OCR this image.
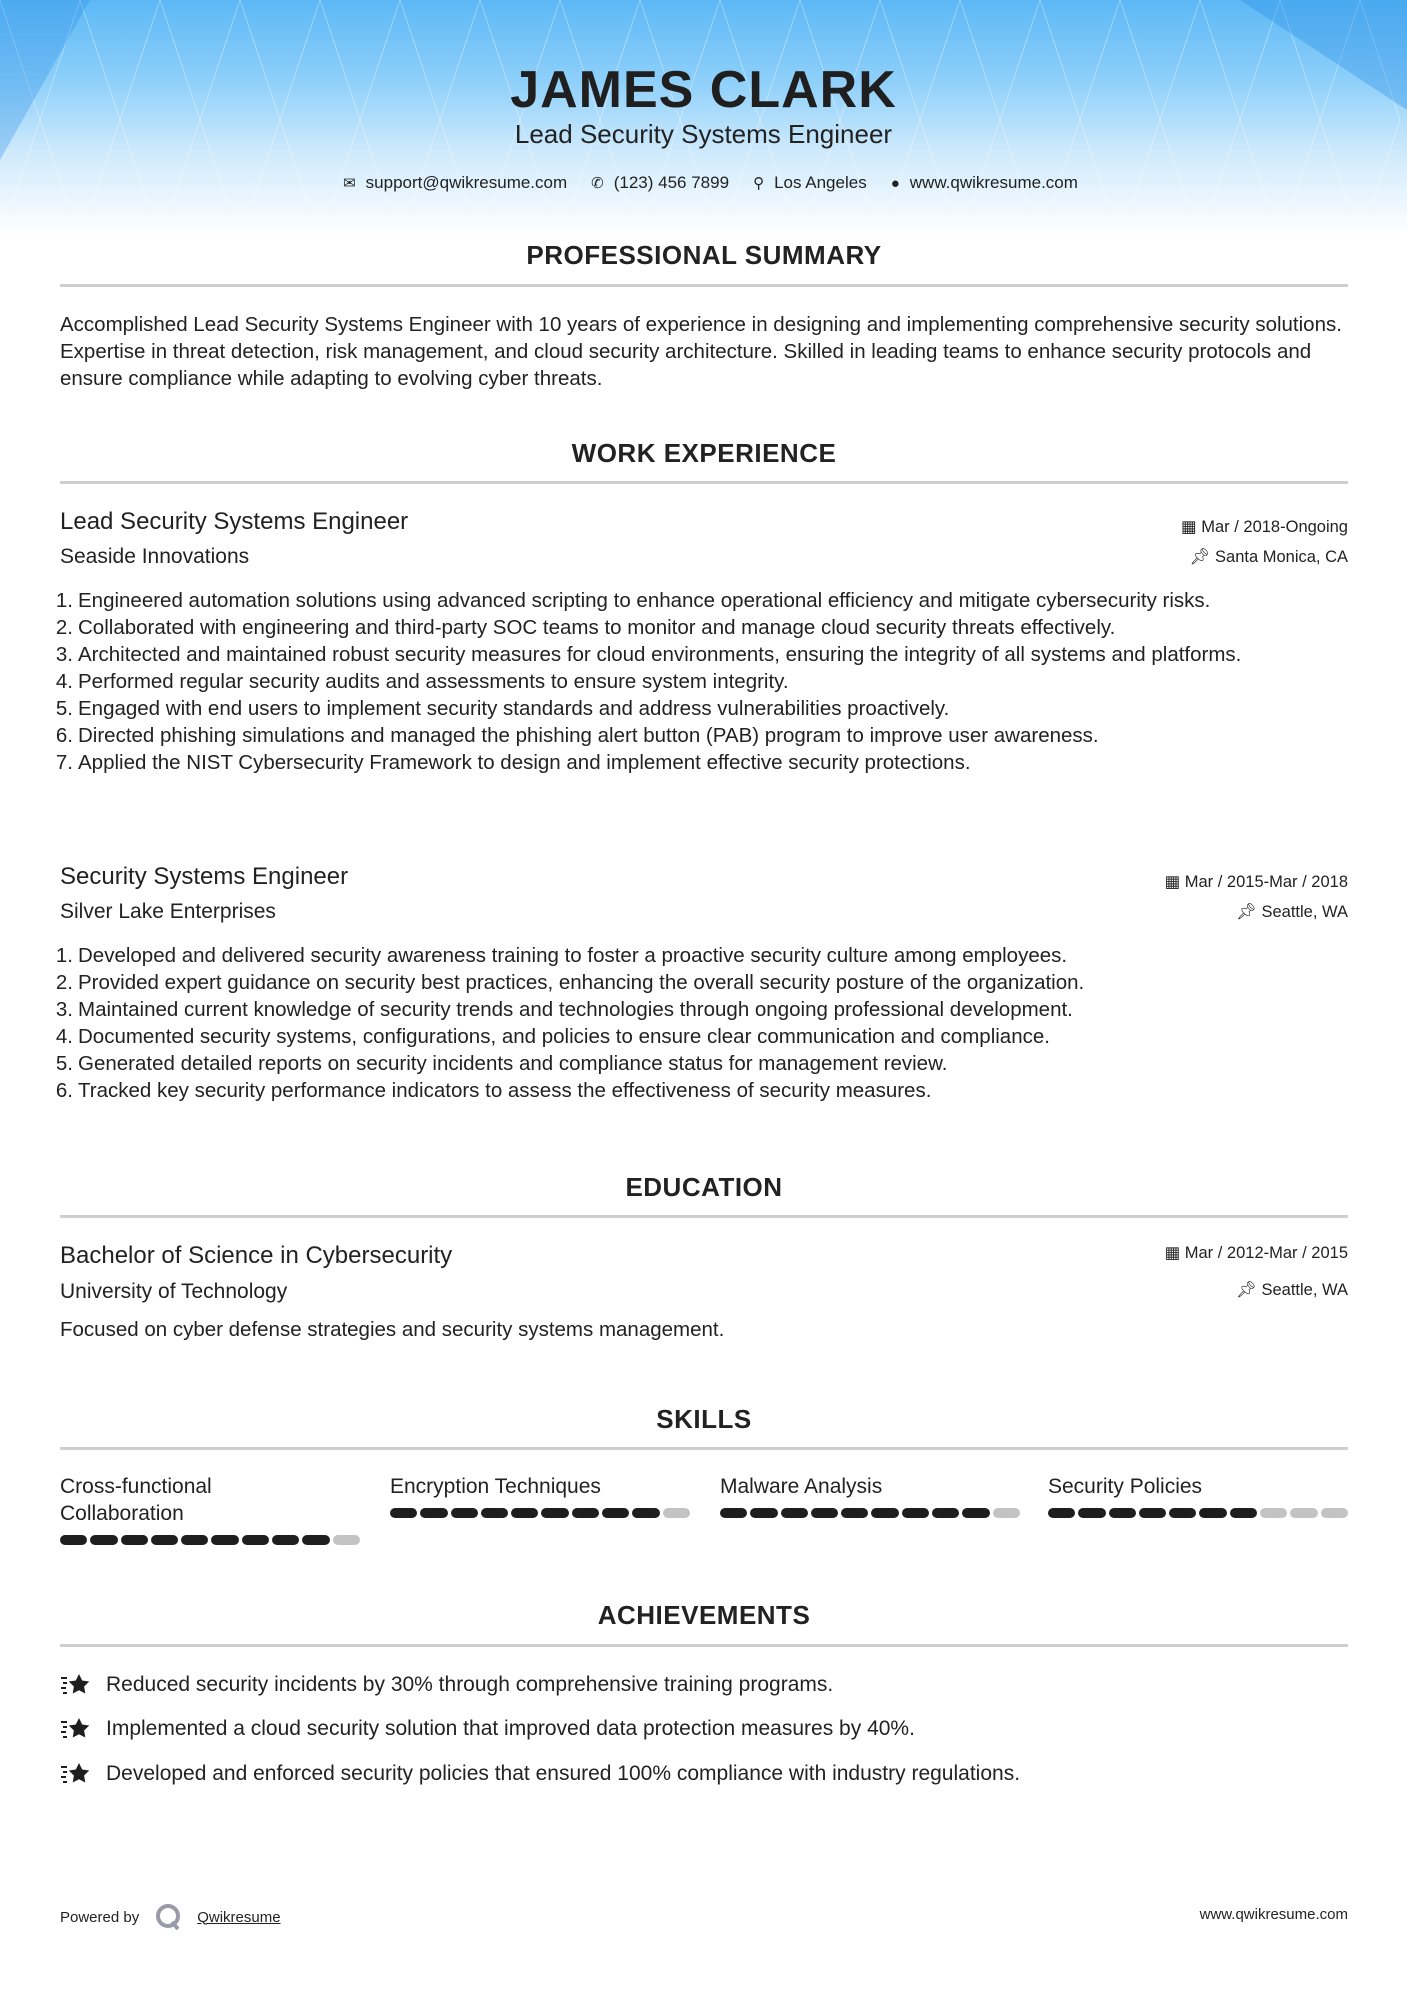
JAMES CLARK
Lead Security Systems Engineer
✉ support@qwikresume.com ✆ (123) 456 7899 ⚲ Los Angeles ● www.qwikresume.com
PROFESSIONAL SUMMARY
Accomplished Lead Security Systems Engineer with 10 years of experience in designing and implementing comprehensive security solutions. Expertise in threat detection, risk management, and cloud security architecture. Skilled in leading teams to enhance security protocols and ensure compliance while adapting to evolving cyber threats.
WORK EXPERIENCE
Lead Security Systems Engineer	▦ Mar / 2018-Ongoing
Seaside Innovations	📌︎ Santa Monica, CA
1. Engineered automation solutions using advanced scripting to enhance operational efficiency and mitigate cybersecurity risks.
2. Collaborated with engineering and third-party SOC teams to monitor and manage cloud security threats effectively.
3. Architected and maintained robust security measures for cloud environments, ensuring the integrity of all systems and platforms.
4. Performed regular security audits and assessments to ensure system integrity.
5. Engaged with end users to implement security standards and address vulnerabilities proactively.
6. Directed phishing simulations and managed the phishing alert button (PAB) program to improve user awareness.
7. Applied the NIST Cybersecurity Framework to design and implement effective security protections.
Security Systems Engineer	▦ Mar / 2015-Mar / 2018
Silver Lake Enterprises	📌︎ Seattle, WA
1. Developed and delivered security awareness training to foster a proactive security culture among employees.
2. Provided expert guidance on security best practices, enhancing the overall security posture of the organization.
3. Maintained current knowledge of security trends and technologies through ongoing professional development.
4. Documented security systems, configurations, and policies to ensure clear communication and compliance.
5. Generated detailed reports on security incidents and compliance status for management review.
6. Tracked key security performance indicators to assess the effectiveness of security measures.
EDUCATION
Bachelor of Science in Cybersecurity	▦ Mar / 2012-Mar / 2015
University of Technology	📌︎ Seattle, WA
Focused on cyber defense strategies and security systems management.
SKILLS
Cross-functional Collaboration
Encryption Techniques	Malware Analysis	Security Policies
ACHIEVEMENTS
Reduced security incidents by 30% through comprehensive training programs.
Implemented a cloud security solution that improved data protection measures by 40%.
Developed and enforced security policies that ensured 100% compliance with industry regulations.
Powered by	Qwikresume	www.qwikresume.com
